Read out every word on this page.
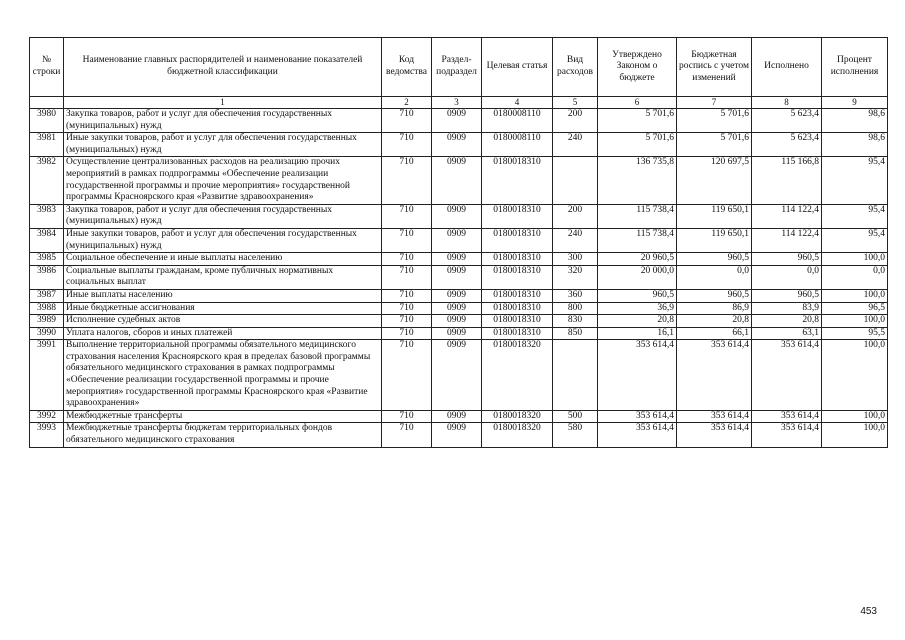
№ строки	Наименование главных распорядителей и наименование показателей бюджетной классификации	Код ведомства	Раздел-подраздел	Целевая статья	Вид расходов	Утверждено Законом о бюджете	Бюджетная роспись с учетом изменений	Исполнено	Процент исполнения
	1	2	3	4	5	6	7	8	9
3980	Закупка товаров, работ и услуг для обеспечения государственных (муниципальных) нужд	710	0909	0180008110	200	5 701,6	5 701,6	5 623,4	98,6
3981	Иные закупки товаров, работ и услуг для обеспечения государственных (муниципальных) нужд	710	0909	0180008110	240	5 701,6	5 701,6	5 623,4	98,6
3982	Осуществление централизованных расходов на реализацию прочих мероприятий в рамках подпрограммы «Обеспечение реализации государственной программы и прочие мероприятия» государственной программы Красноярского края «Развитие здравоохранения»	710	0909	0180018310		136 735,8	120 697,5	115 166,8	95,4
3983	Закупка товаров, работ и услуг для обеспечения государственных (муниципальных) нужд	710	0909	0180018310	200	115 738,4	119 650,1	114 122,4	95,4
3984	Иные закупки товаров, работ и услуг для обеспечения государственных (муниципальных) нужд	710	0909	0180018310	240	115 738,4	119 650,1	114 122,4	95,4
3985	Социальное обеспечение и иные выплаты населению	710	0909	0180018310	300	20 960,5	960,5	960,5	100,0
3986	Социальные выплаты гражданам, кроме публичных нормативных социальных выплат	710	0909	0180018310	320	20 000,0	0,0	0,0	0,0
3987	Иные выплаты населению	710	0909	0180018310	360	960,5	960,5	960,5	100,0
3988	Иные бюджетные ассигнования	710	0909	0180018310	800	36,9	86,9	83,9	96,5
3989	Исполнение судебных актов	710	0909	0180018310	830	20,8	20,8	20,8	100,0
3990	Уплата налогов, сборов и иных платежей	710	0909	0180018310	850	16,1	66,1	63,1	95,5
3991	Выполнение территориальной программы обязательного медицинского страхования населения Красноярского края в пределах базовой программы обязательного медицинского страхования в рамках подпрограммы «Обеспечение реализации государственной программы и прочие мероприятия» государственной программы Красноярского края «Развитие здравоохранения»	710	0909	0180018320		353 614,4	353 614,4	353 614,4	100,0
3992	Межбюджетные трансферты	710	0909	0180018320	500	353 614,4	353 614,4	353 614,4	100,0
3993	Межбюджетные трансферты бюджетам территориальных фондов обязательного медицинского страхования	710	0909	0180018320	580	353 614,4	353 614,4	353 614,4	100,0
453
